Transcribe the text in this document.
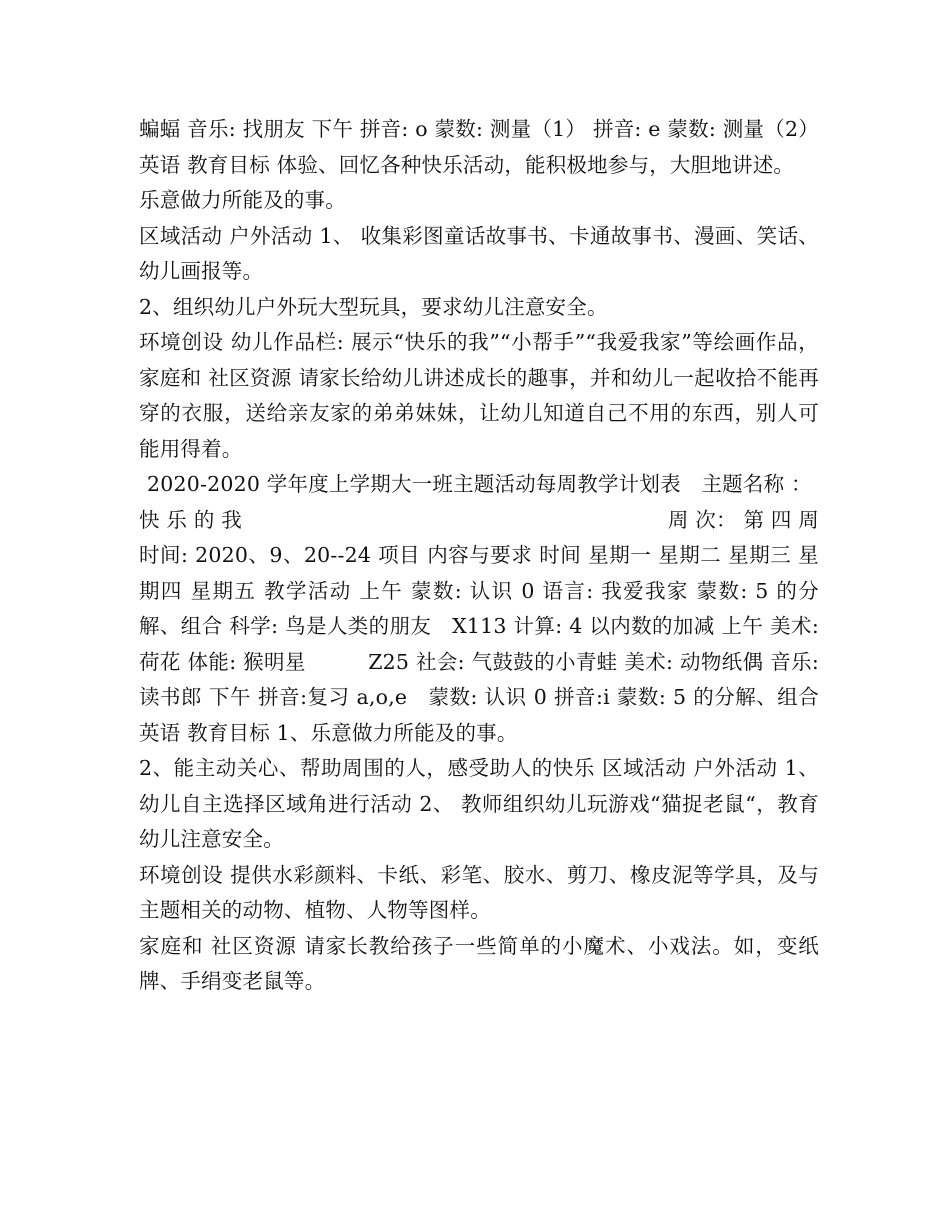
蝙蝠 音乐: 找朋友 下午 拼音: o 蒙数: 测量（1） 拼音: e 蒙数: 测量（2） 英语 教育目标 体验、回忆各种快乐活动，能积极地参与，大胆地讲述。

乐意做力所能及的事。

区域活动 户外活动 1、 收集彩图童话故事书、卡通故事书、漫画、笑话、幼儿画报等。

2、组织幼儿户外玩大型玩具，要求幼儿注意安全。

环境创设 幼儿作品栏: 展示“快乐的我”“小帮手”“我爱我家”等绘画作品， 家庭和 社区资源 请家长给幼儿讲述成长的趣事，并和幼儿一起收拾不能再穿的衣服，送给亲友家的弟弟妹妹，让幼儿知道自己不用的东西，别人可能用得着。

2020-2020 学年度上学期大一班主题活动每周教学计划表　主题名称 ：

快 乐 的 我	周 次： 第 四 周

时间: 2020、9、20--24 项目 内容与要求 时间 星期一 星期二 星期三 星期四 星期五 教学活动 上午 蒙数: 认识 0 语言: 我爱我家 蒙数: 5 的分解、组合 科学: 鸟是人类的朋友　X113 计算: 4 以内数的加减 上午 美术: 荷花 体能: 猴明星　　　Z25 社会: 气鼓鼓的小青蛙 美术: 动物纸偶 音乐: 读书郎 下午 拼音:复习 a,o,e　蒙数: 认识 0 拼音:i 蒙数: 5 的分解、组合 英语 教育目标 1、乐意做力所能及的事。

2、能主动关心、帮助周围的人，感受助人的快乐 区域活动 户外活动 1、 幼儿自主选择区域角进行活动 2、 教师组织幼儿玩游戏“猫捉老鼠“，教育幼儿注意安全。

环境创设 提供水彩颜料、卡纸、彩笔、胶水、剪刀、橡皮泥等学具，及与主题相关的动物、植物、人物等图样。

家庭和 社区资源 请家长教给孩子一些简单的小魔术、小戏法。如，变纸牌、手绢变老鼠等。
